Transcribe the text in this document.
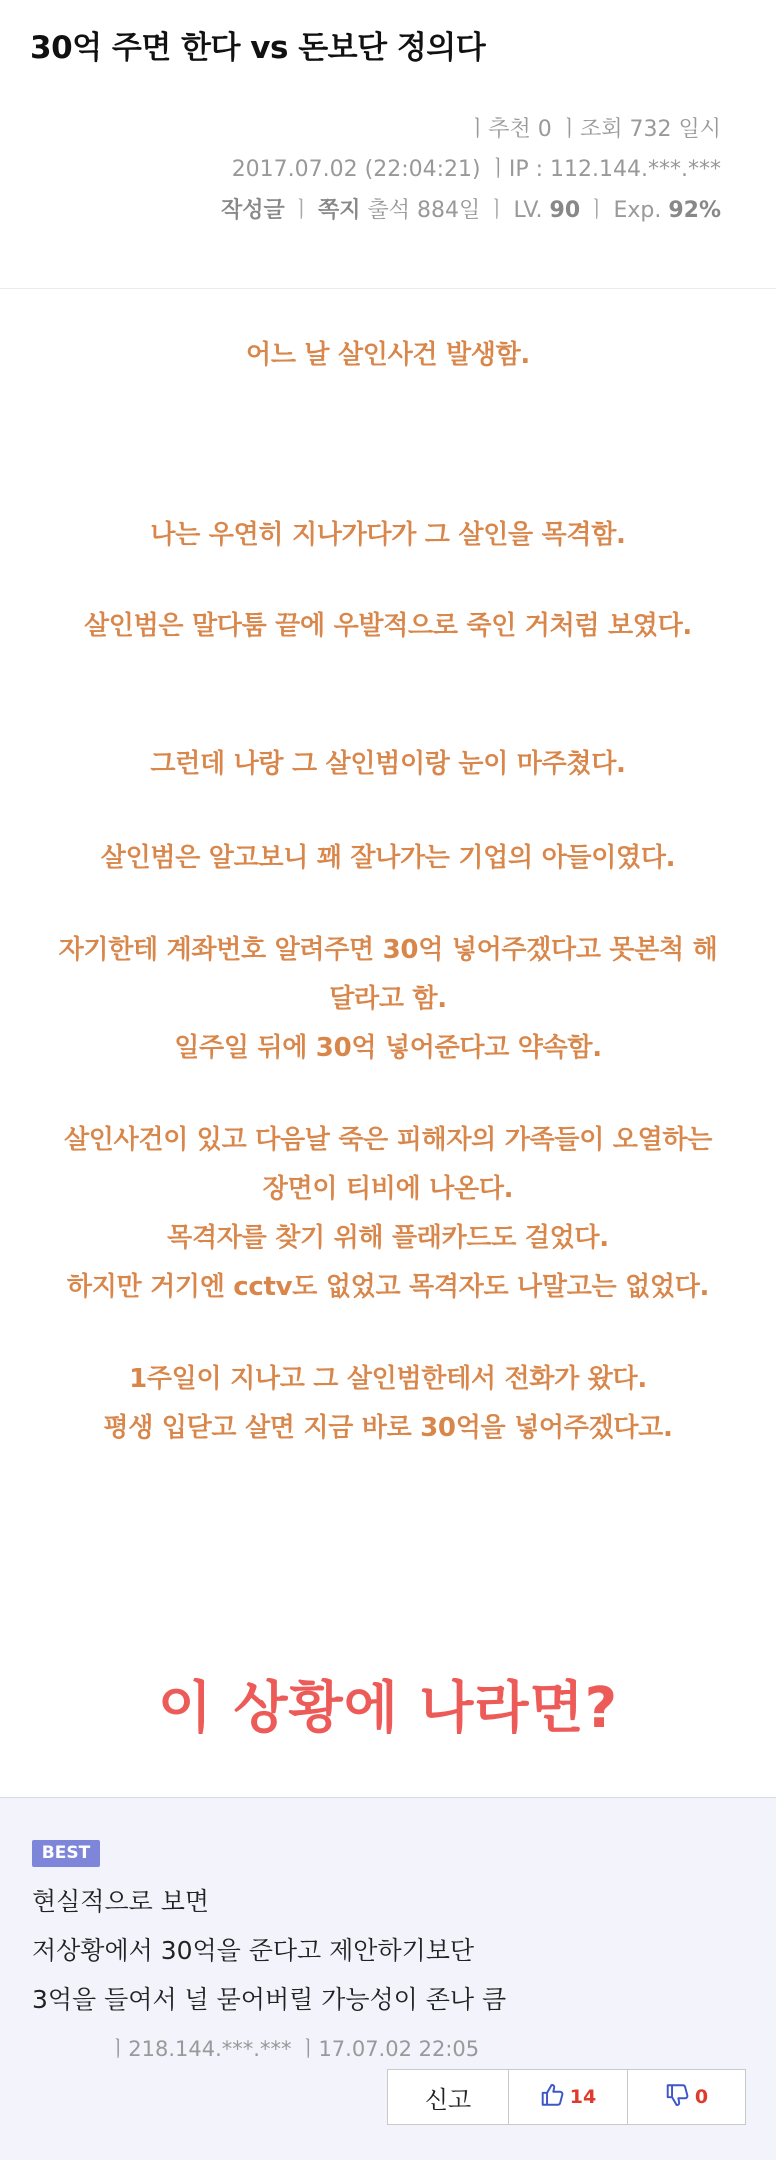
30억 주면 한다 vs 돈보단 정의다
ㅣ추천 0 ㅣ조회 732 일시
2017.07.02 (22:04:21) ㅣIP : 112.144.***.***
작성글 ㅣ 쪽지 출석 884일 ㅣ LV. 90 ㅣ Exp. 92%
어느 날 살인사건 발생함.
나는 우연히 지나가다가 그 살인을 목격함.
살인범은 말다툼 끝에 우발적으로 죽인 거처럼 보였다.
그런데 나랑 그 살인범이랑 눈이 마주쳤다.
살인범은 알고보니 꽤 잘나가는 기업의 아들이였다.
자기한테 계좌번호 알려주면 30억 넣어주겠다고 못본척 해
달라고 함.
일주일 뒤에 30억 넣어준다고 약속함.
살인사건이 있고 다음날 죽은 피해자의 가족들이 오열하는
장면이 티비에 나온다.
목격자를 찾기 위해 플래카드도 걸었다.
하지만 거기엔 cctv도 없었고 목격자도 나말고는 없었다.
1주일이 지나고 그 살인범한테서 전화가 왔다.
평생 입닫고 살면 지금 바로 30억을 넣어주겠다고.
이 상황에 나라면?
BEST
현실적으로 보면
저상황에서 30억을 준다고 제안하기보단
3억을 들여서 널 묻어버릴 가능성이 존나 큼
ㅣ218.144.***.*** ㅣ17.07.02 22:05
신고	14	0
